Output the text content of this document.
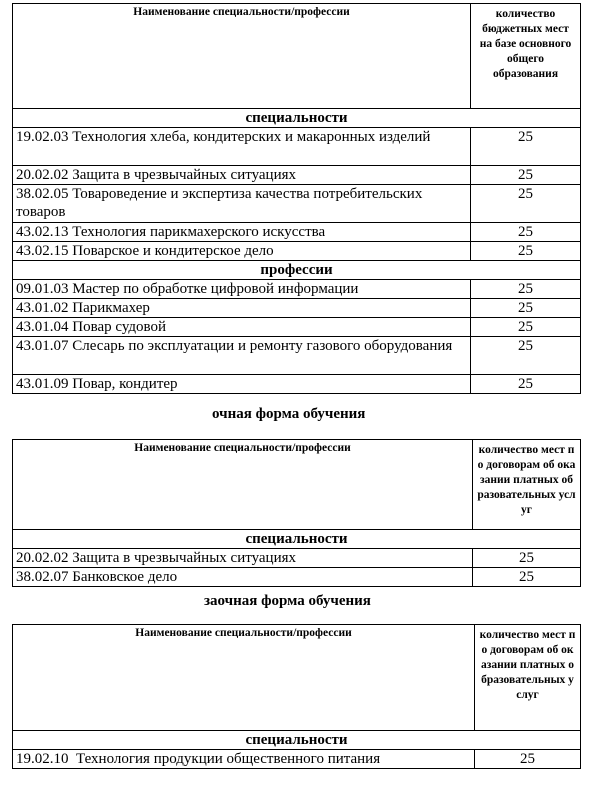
Наименование специальности/профессии	количество бюджетных мест на базе основного общего образования

специальности	
19.02.03 Технология хлеба, кондитерских и макаронных изделий	25
20.02.02 Защита в чрезвычайных ситуациях	25
38.02.05 Товароведение и экспертиза качества потребительских товаров	25
43.02.13 Технология парикмахерского искусства	25
43.02.15 Поварское и кондитерское дело	25
профессии	
09.01.03 Мастер по обработке цифровой информации	25
43.01.02 Парикмахер	25
43.01.04 Повар судовой	25
43.01.07 Слесарь по эксплуатации и ремонту газового оборудования	25
43.01.09 Повар, кондитер	25
очная форма обучения
Наименование специальности/профессии	количество мест по договорам об оказании платных образовательных услуг

специальности	
20.02.02 Защита в чрезвычайных ситуациях	25
38.02.07 Банковское дело	25
заочная форма обучения
Наименование специальности/профессии	количество мест по договорам об оказании платных образовательных услуг

специальности	
19.02.10  Технология продукции общественного питания	25
